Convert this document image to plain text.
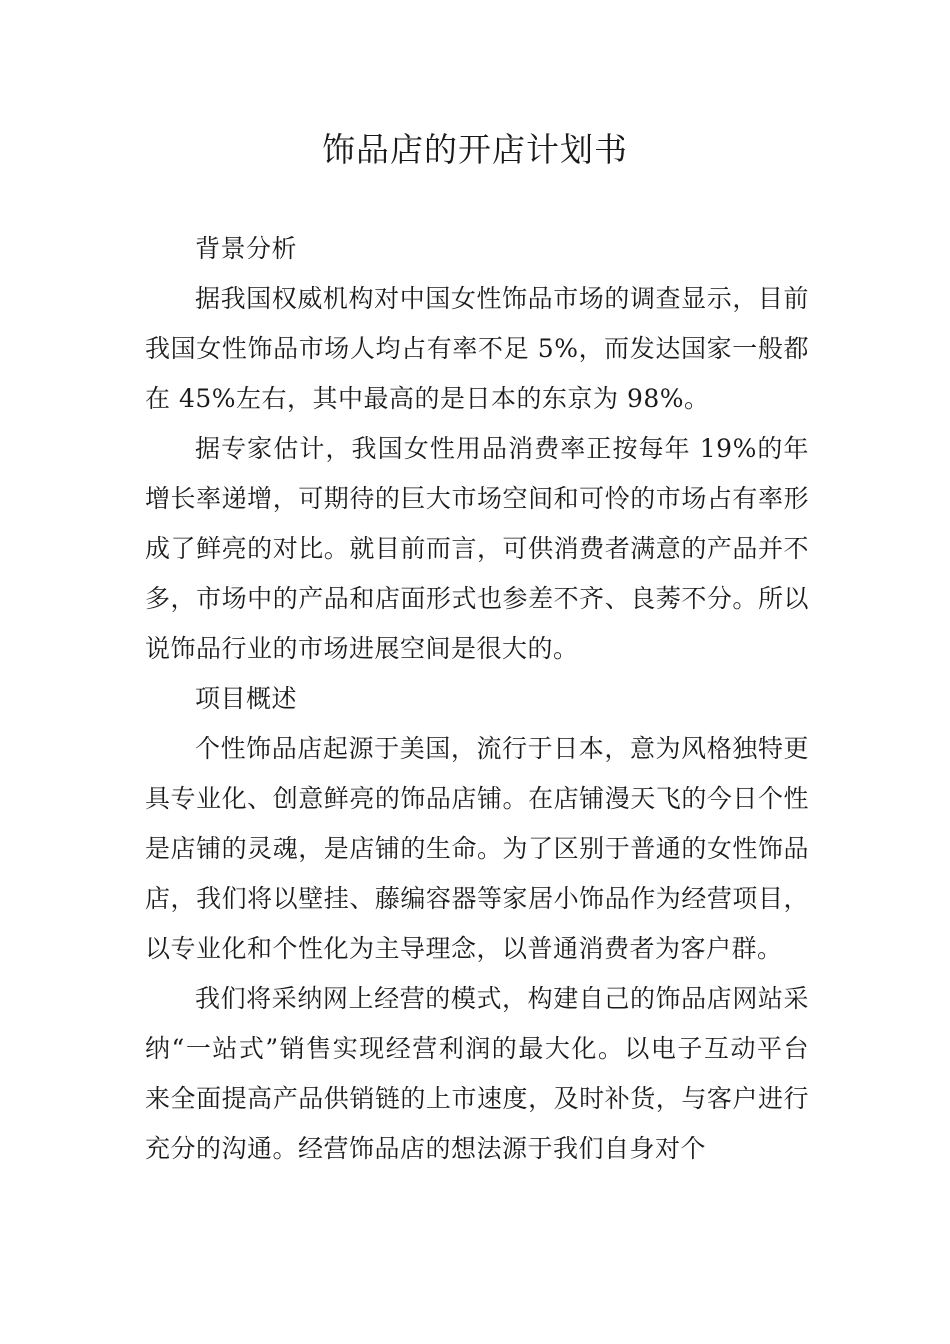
饰品店的开店计划书

背景分析

据我国权威机构对中国女性饰品市场的调查显示，目前我国女性饰品市场人均占有率不足 5%，而发达国家一般都在 45%左右，其中最高的是日本的东京为 98%。

据专家估计，我国女性用品消费率正按每年 19%的年增长率递增，可期待的巨大市场空间和可怜的市场占有率形成了鲜亮的对比。就目前而言，可供消费者满意的产品并不多，市场中的产品和店面形式也参差不齐、良莠不分。所以说饰品行业的市场进展空间是很大的。

项目概述

个性饰品店起源于美国，流行于日本，意为风格独特更具专业化、创意鲜亮的饰品店铺。在店铺漫天飞的今日个性是店铺的灵魂，是店铺的生命。为了区别于普通的女性饰品店，我们将以壁挂、藤编容器等家居小饰品作为经营项目，以专业化和个性化为主导理念，以普通消费者为客户群。

我们将采纳网上经营的模式，构建自己的饰品店网站采纳“一站式”销售实现经营利润的最大化。以电子互动平台来全面提高产品供销链的上市速度，及时补货，与客户进行充分的沟通。经营饰品店的想法源于我们自身对个
